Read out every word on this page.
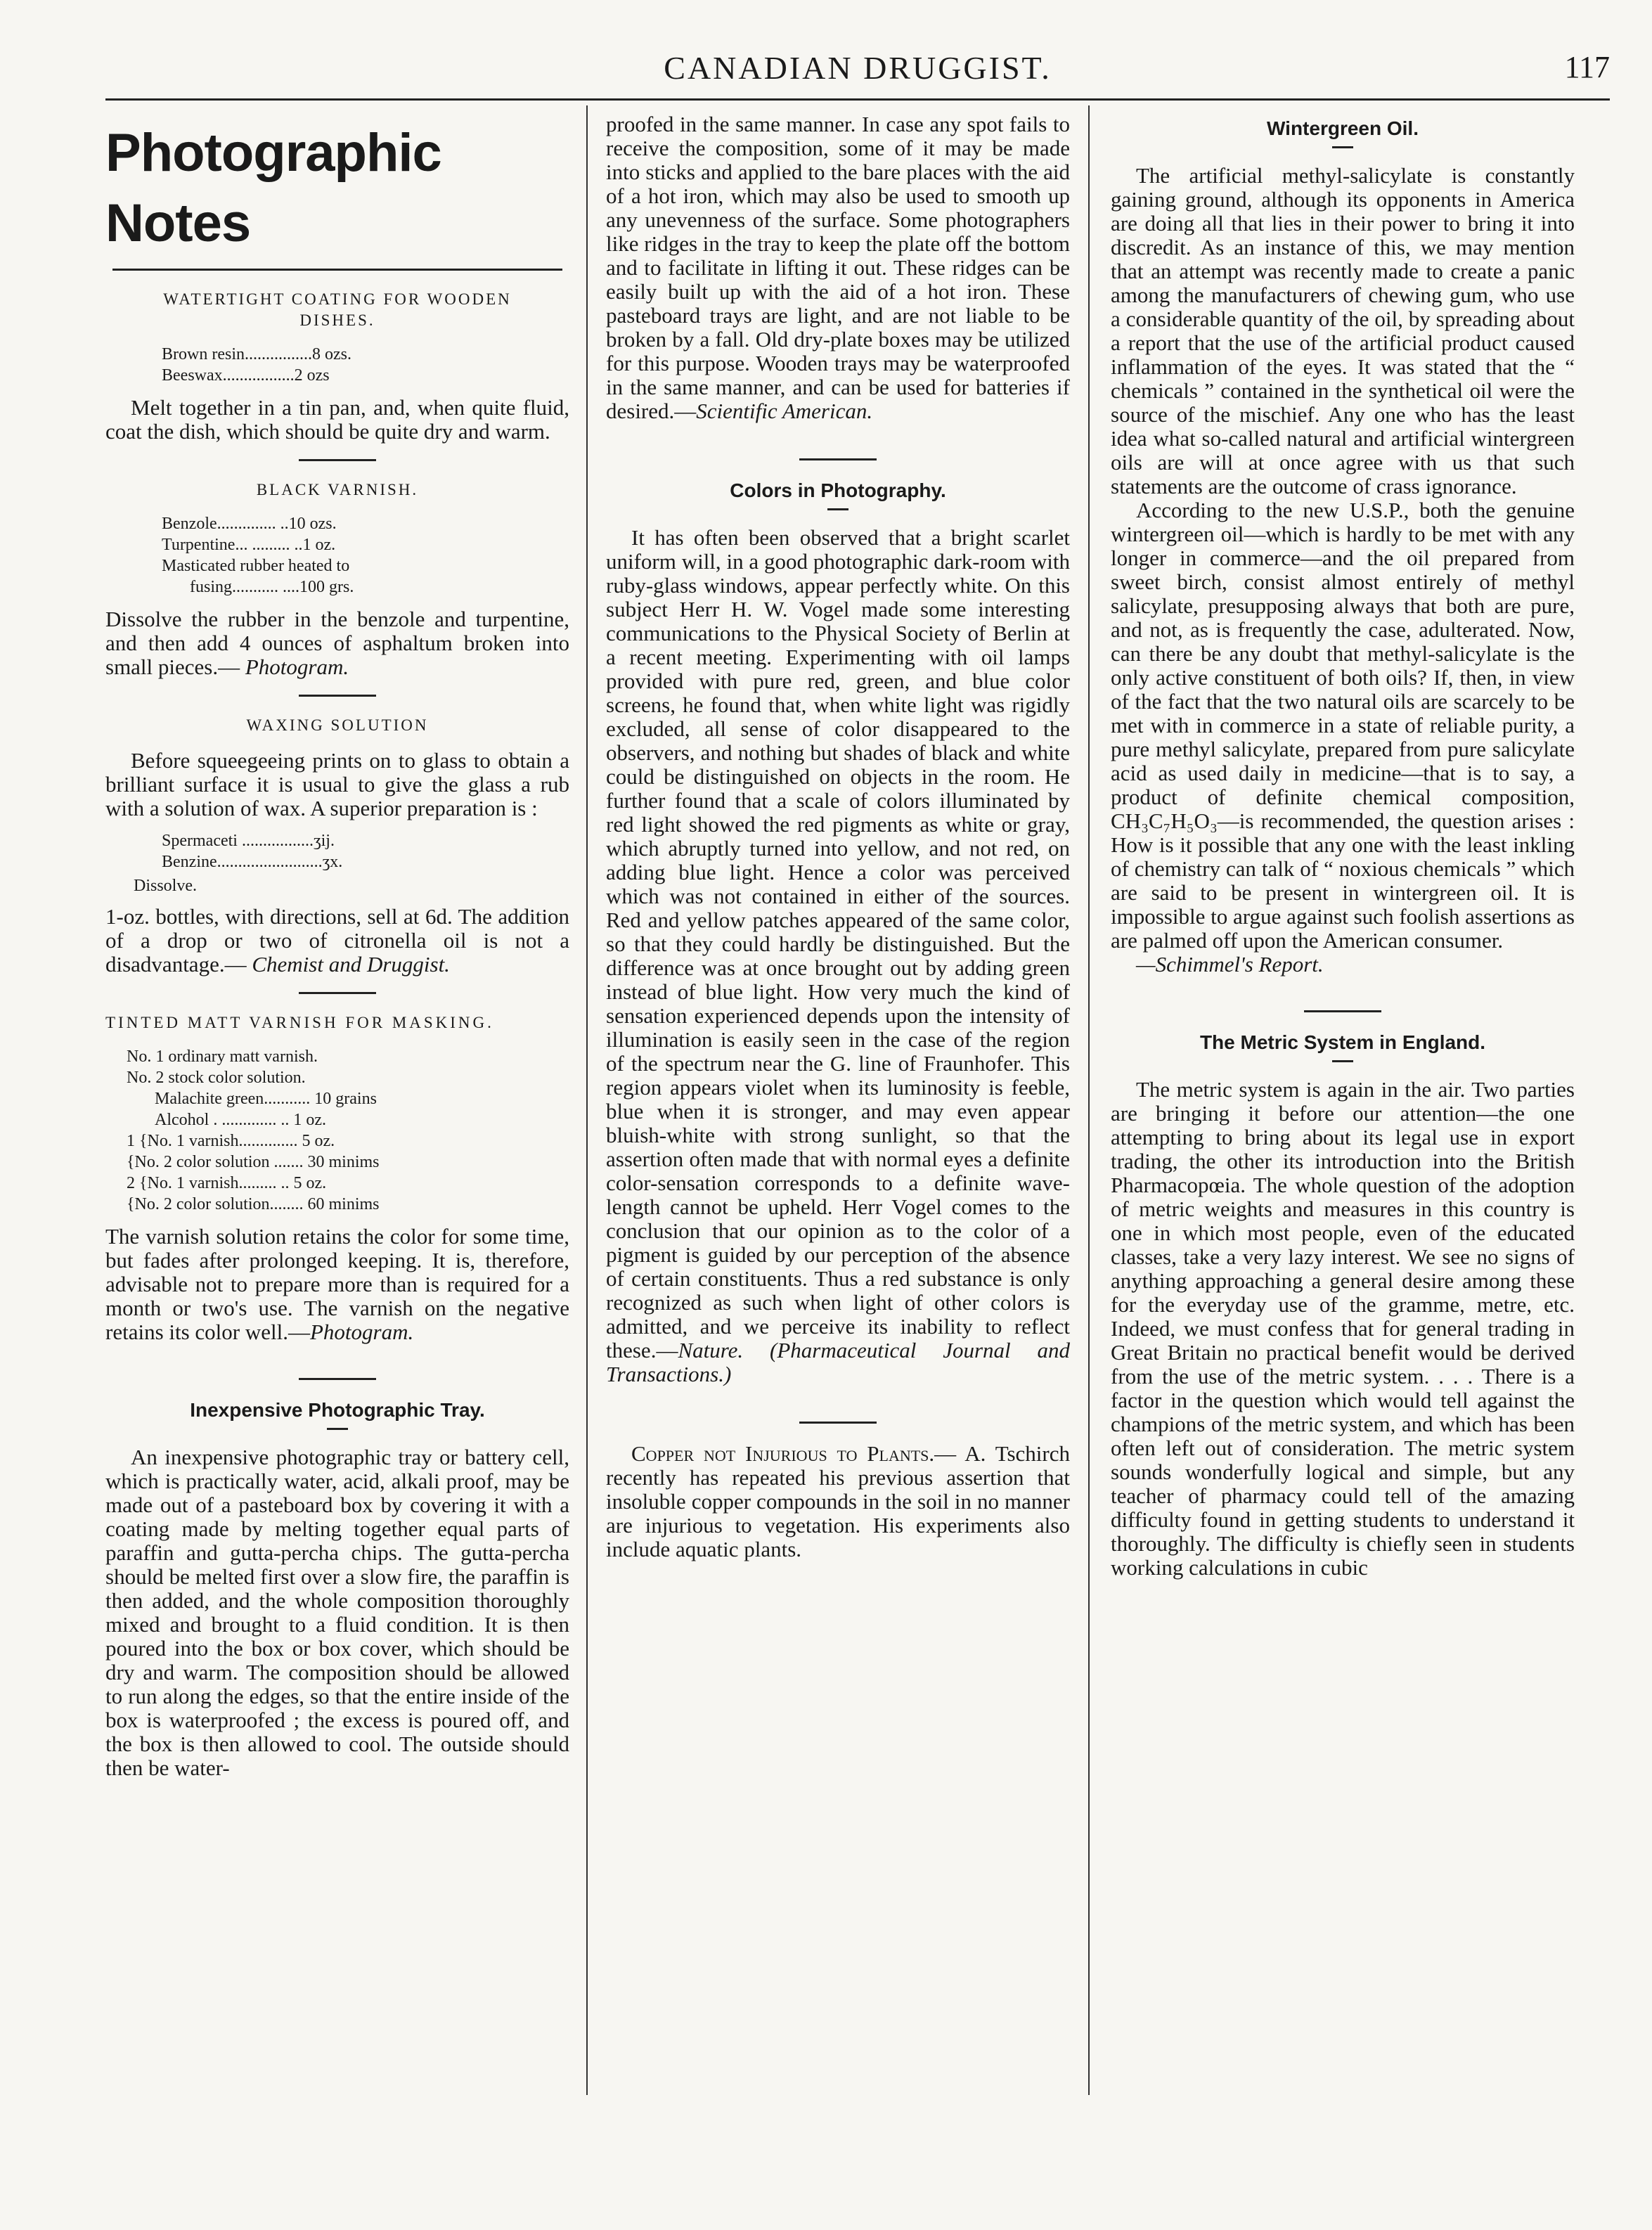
CANADIAN DRUGGIST.	117
Photographic Notes
WATERTIGHT COATING FOR WOODEN DISHES.
Brown resin................8 ozs.
Beeswax.................2 ozs

Melt together in a tin pan, and, when quite fluid, coat the dish, which should be quite dry and warm.

BLACK VARNISH.
Benzole.............. ..10 ozs.
Turpentine... ......... ..1 oz.
Masticated rubber heated to
fusing........... ....100 grs.

Dissolve the rubber in the benzole and turpentine, and then add 4 ounces of asphaltum broken into small pieces.— Photogram.

WAXING SOLUTION

Before squeegeeing prints on to glass to obtain a brilliant surface it is usual to give the glass a rub with a solution of wax. A superior preparation is :

Spermaceti .................ʒij.
Benzine.........................ʒx.
Dissolve.

1-oz. bottles, with directions, sell at 6d. The addition of a drop or two of citronella oil is not a disadvantage.— Chemist and Druggist.

TINTED MATT VARNISH FOR MASKING.
No. 1 ordinary matt varnish.
No. 2 stock color solution.
Malachite green........... 10 grains
Alcohol . ............. .. 1 oz.
1 {No. 1 varnish.............. 5 oz.
{No. 2 color solution ....... 30 minims
2 {No. 1 varnish......... .. 5 oz.
{No. 2 color solution........ 60 minims

The varnish solution retains the color for some time, but fades after prolonged keeping. It is, therefore, advisable not to prepare more than is required for a month or two's use. The varnish on the negative retains its color well.—Photogram.

Inexpensive Photographic Tray.

An inexpensive photographic tray or battery cell, which is practically water, acid, alkali proof, may be made out of a pasteboard box by covering it with a coating made by melting together equal parts of paraffin and gutta-percha chips. The gutta-percha should be melted first over a slow fire, the paraffin is then added, and the whole composition thoroughly mixed and brought to a fluid condition. It is then poured into the box or box cover, which should be dry and warm. The composition should be allowed to run along the edges, so that the entire inside of the box is waterproofed ; the excess is poured off, and the box is then allowed to cool. The outside should then be water-

proofed in the same manner. In case any spot fails to receive the composition, some of it may be made into sticks and applied to the bare places with the aid of a hot iron, which may also be used to smooth up any unevenness of the surface. Some photographers like ridges in the tray to keep the plate off the bottom and to facilitate in lifting it out. These ridges can be easily built up with the aid of a hot iron. These pasteboard trays are light, and are not liable to be broken by a fall. Old dry-plate boxes may be utilized for this purpose. Wooden trays may be waterproofed in the same manner, and can be used for batteries if desired.—Scientific American.

Colors in Photography.

It has often been observed that a bright scarlet uniform will, in a good photographic dark-room with ruby-glass windows, appear perfectly white. On this subject Herr H. W. Vogel made some interesting communications to the Physical Society of Berlin at a recent meeting. Experimenting with oil lamps provided with pure red, green, and blue color screens, he found that, when white light was rigidly excluded, all sense of color disappeared to the observers, and nothing but shades of black and white could be distinguished on objects in the room. He further found that a scale of colors illuminated by red light showed the red pigments as white or gray, which abruptly turned into yellow, and not red, on adding blue light. Hence a color was perceived which was not contained in either of the sources. Red and yellow patches appeared of the same color, so that they could hardly be distinguished. But the difference was at once brought out by adding green instead of blue light. How very much the kind of sensation experienced depends upon the intensity of illumination is easily seen in the case of the region of the spectrum near the G. line of Fraunhofer. This region appears violet when its luminosity is feeble, blue when it is stronger, and may even appear bluish-white with strong sunlight, so that the assertion often made that with normal eyes a definite color-sensation corresponds to a definite wave-length cannot be upheld. Herr Vogel comes to the conclusion that our opinion as to the color of a pigment is guided by our perception of the absence of certain constituents. Thus a red substance is only recognized as such when light of other colors is admitted, and we perceive its inability to reflect these.—Nature. (Pharmaceutical Journal and Transactions.)

Copper not Injurious to Plants.— A. Tschirch recently has repeated his previous assertion that insoluble copper compounds in the soil in no manner are injurious to vegetation. His experiments also include aquatic plants.

Wintergreen Oil.

The artificial methyl-salicylate is constantly gaining ground, although its opponents in America are doing all that lies in their power to bring it into discredit. As an instance of this, we may mention that an attempt was recently made to create a panic among the manufacturers of chewing gum, who use a considerable quantity of the oil, by spreading about a report that the use of the artificial product caused inflammation of the eyes. It was stated that the “ chemicals ” contained in the synthetical oil were the source of the mischief. Any one who has the least idea what so-called natural and artificial wintergreen oils are will at once agree with us that such statements are the outcome of crass ignorance.

According to the new U.S.P., both the genuine wintergreen oil—which is hardly to be met with any longer in commerce—and the oil prepared from sweet birch, consist almost entirely of methyl salicylate, presupposing always that both are pure, and not, as is frequently the case, adulterated. Now, can there be any doubt that methyl-salicylate is the only active constituent of both oils? If, then, in view of the fact that the two natural oils are scarcely to be met with in commerce in a state of reliable purity, a pure methyl salicylate, prepared from pure salicylate acid as used daily in medicine—that is to say, a product of definite chemical composition, CH₃C₇H₅O₃—is recommended, the question arises : How is it possible that any one with the least inkling of chemistry can talk of “ noxious chemicals ” which are said to be present in wintergreen oil. It is impossible to argue against such foolish assertions as are palmed off upon the American consumer.

—Schimmel's Report.

The Metric System in England.

The metric system is again in the air. Two parties are bringing it before our attention—the one attempting to bring about its legal use in export trading, the other its introduction into the British Pharmacopœia. The whole question of the adoption of metric weights and measures in this country is one in which most people, even of the educated classes, take a very lazy interest. We see no signs of anything approaching a general desire among these for the everyday use of the gramme, metre, etc. Indeed, we must confess that for general trading in Great Britain no practical benefit would be derived from the use of the metric system. . . . There is a factor in the question which would tell against the champions of the metric system, and which has been often left out of consideration. The metric system sounds wonderfully logical and simple, but any teacher of pharmacy could tell of the amazing difficulty found in getting students to understand it thoroughly. The difficulty is chiefly seen in students working calculations in cubic
